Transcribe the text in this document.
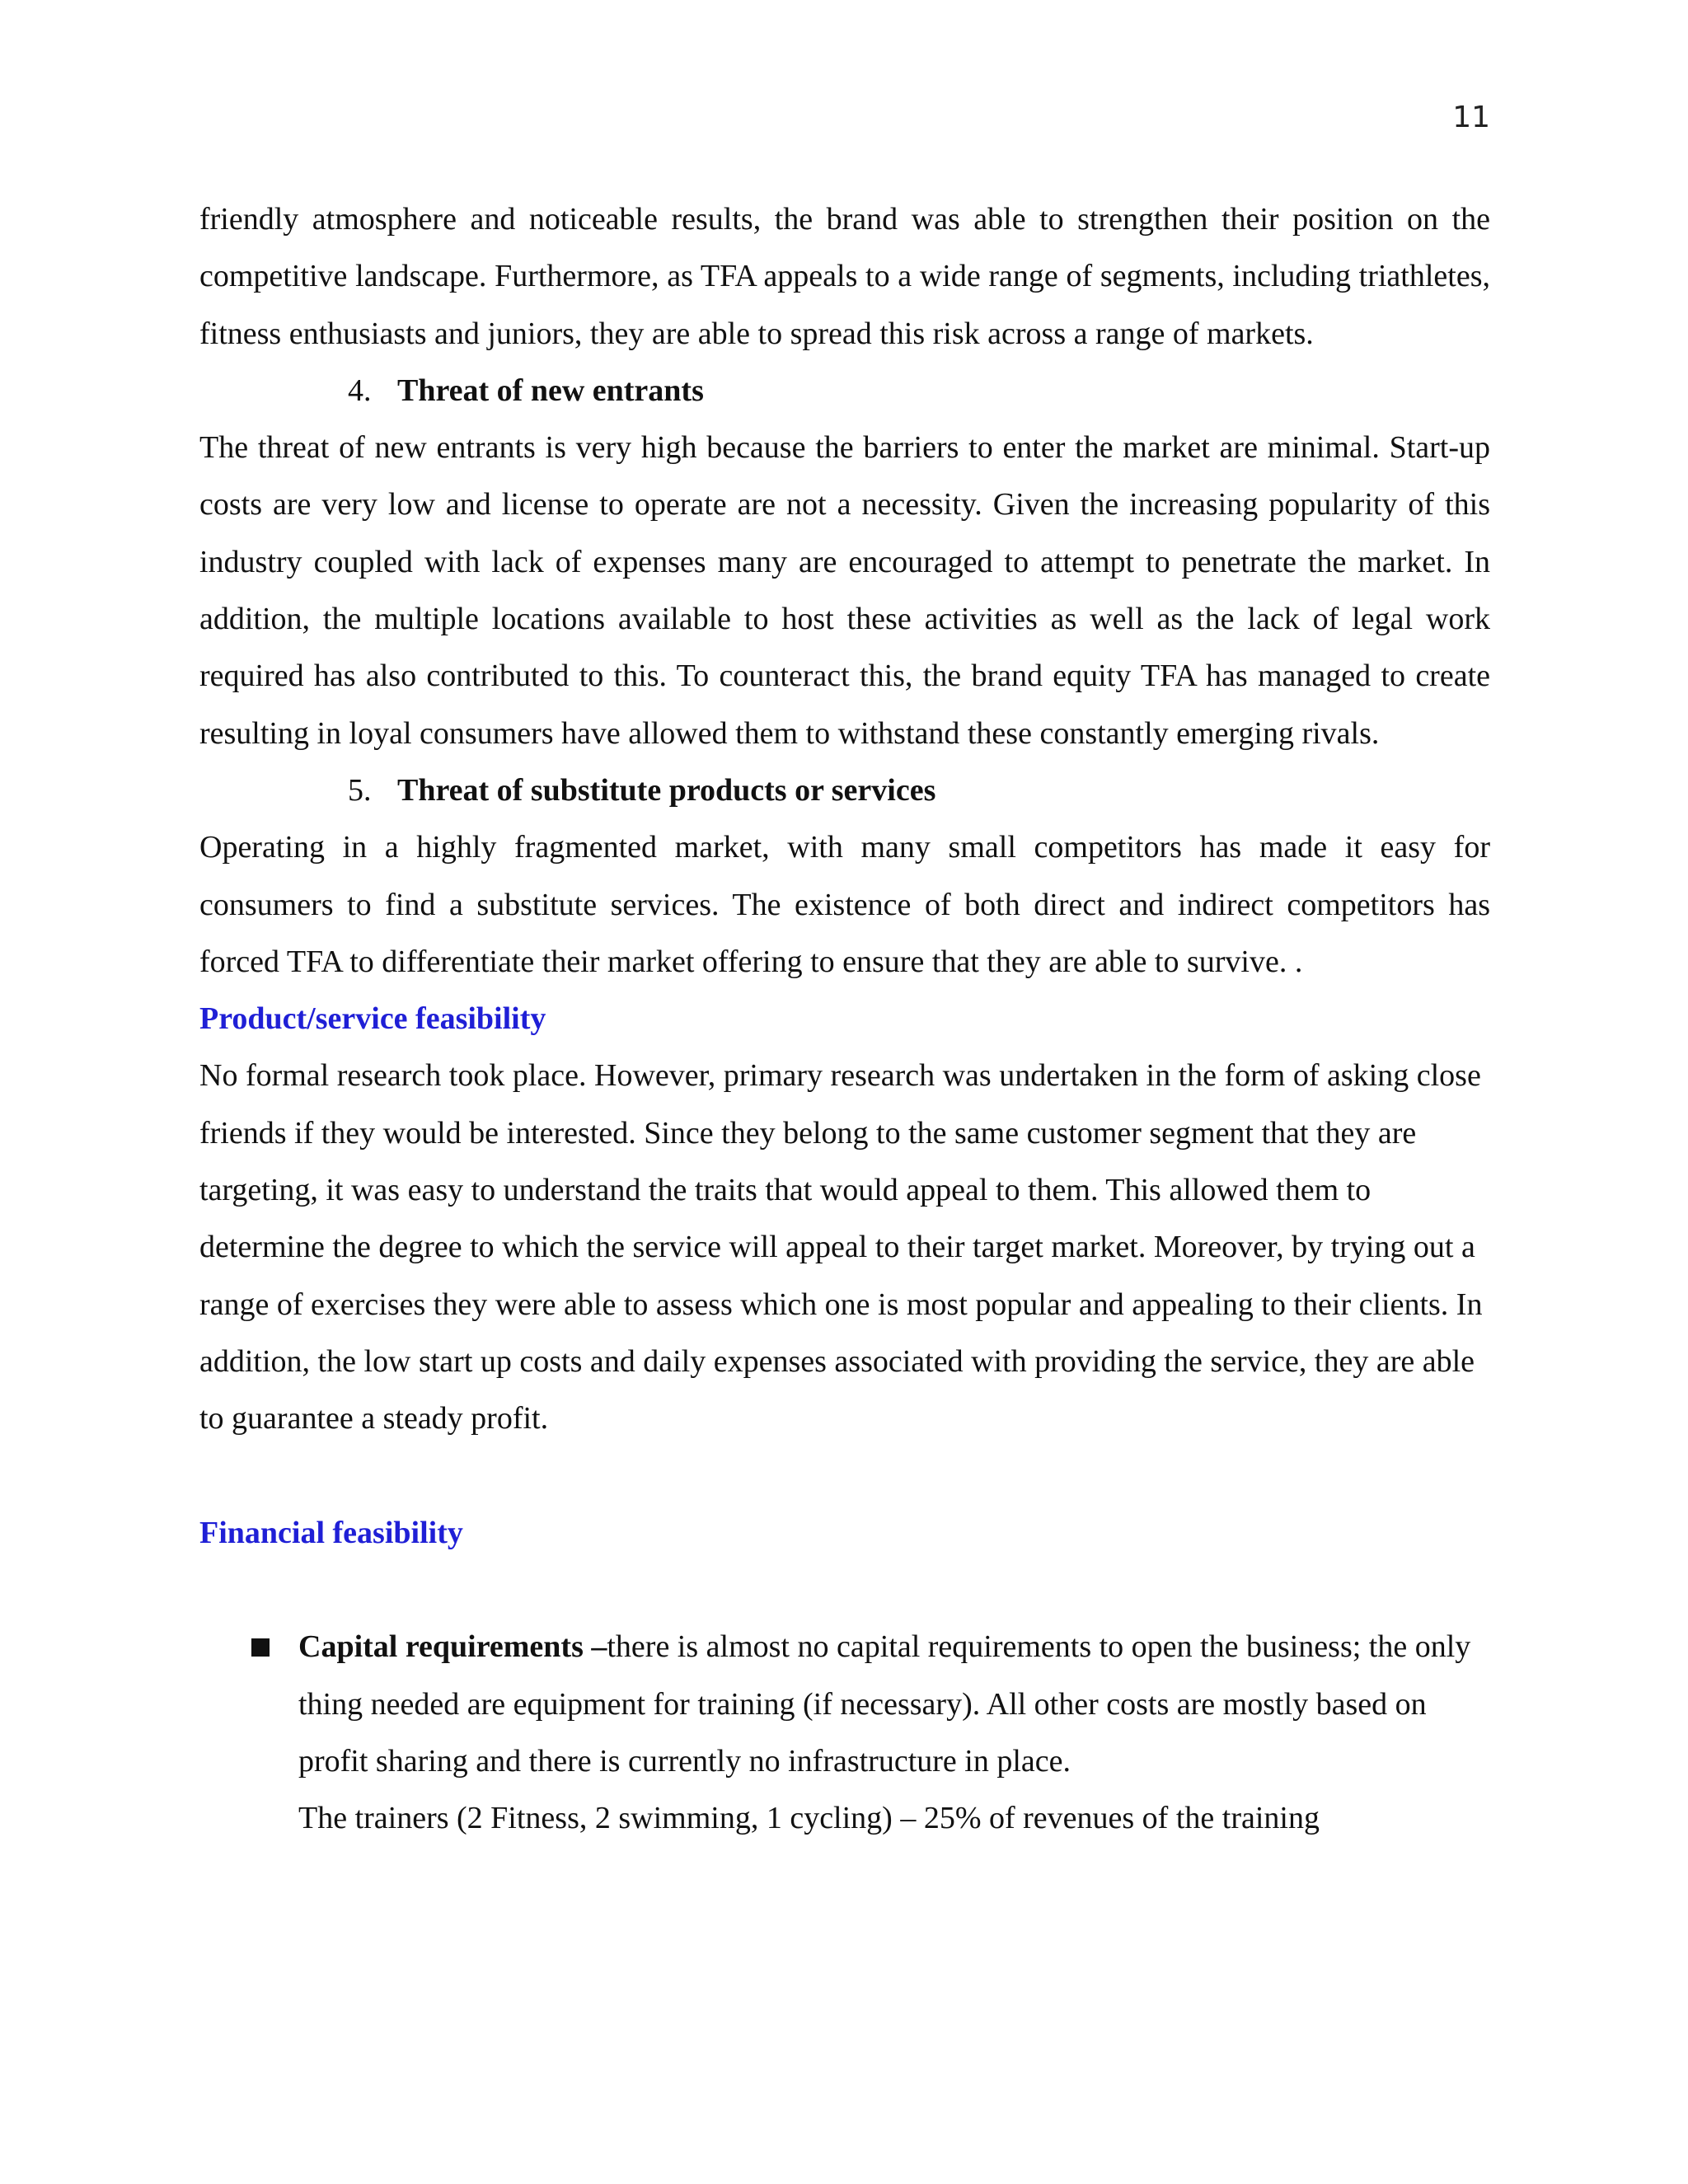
11

friendly atmosphere and noticeable results, the brand was able to strengthen their position on the competitive landscape. Furthermore, as TFA appeals to a wide range of segments, including triathletes, fitness enthusiasts and juniors, they are able to spread this risk across a range of markets.

4. Threat of new entrants

The threat of new entrants is very high because the barriers to enter the market are minimal. Start-up costs are very low and license to operate are not a necessity. Given the increasing popularity of this industry coupled with lack of expenses many are encouraged to attempt to penetrate the market. In addition, the multiple locations available to host these activities as well as the lack of legal work required has also contributed to this. To counteract this, the brand equity TFA has managed to create resulting in loyal consumers have allowed them to withstand these constantly emerging rivals.

5. Threat of substitute products or services

Operating in a highly fragmented market, with many small competitors has made it easy for consumers to find a substitute services. The existence of both direct and indirect competitors has forced TFA to differentiate their market offering to ensure that they are able to survive. .

Product/service feasibility

No formal research took place. However, primary research was undertaken in the form of asking close friends if they would be interested. Since they belong to the same customer segment that they are targeting, it was easy to understand the traits that would appeal to them. This allowed them to determine the degree to which the service will appeal to their target market. Moreover, by trying out a range of exercises they were able to assess which one is most popular and appealing to their clients. In addition, the low start up costs and daily expenses associated with providing the service, they are able to guarantee a steady profit.

Financial feasibility

Capital requirements –there is almost no capital requirements to open the business; the only thing needed are equipment for training (if necessary). All other costs are mostly based on profit sharing and there is currently no infrastructure in place.

The trainers (2 Fitness, 2 swimming, 1 cycling) – 25% of revenues of the training
